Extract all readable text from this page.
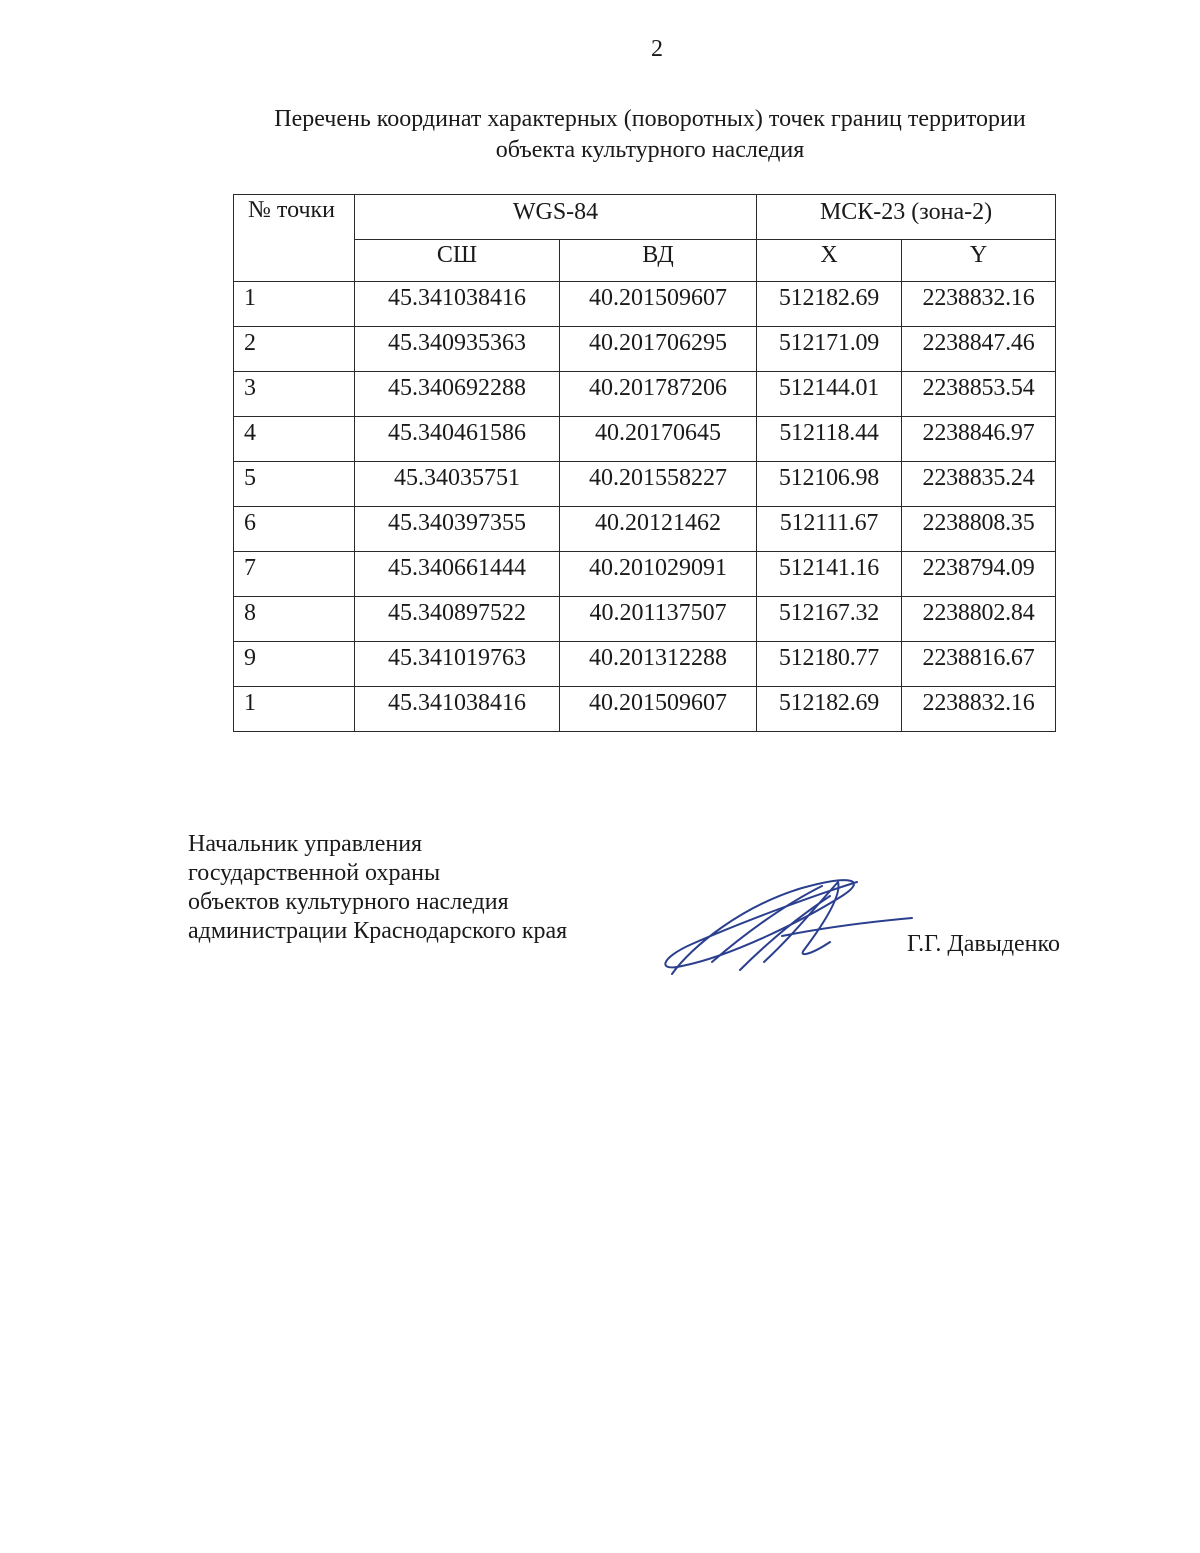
2
Перечень координат характерных (поворотных) точек границ территории
объекта культурного наследия
№ точки	WGS-84		МСК-23 (зона-2)	
	СШ	ВД	X	Y
1	45.341038416	40.201509607	512182.69	2238832.16
2	45.340935363	40.201706295	512171.09	2238847.46
3	45.340692288	40.201787206	512144.01	2238853.54
4	45.340461586	40.20170645	512118.44	2238846.97
5	45.34035751	40.201558227	512106.98	2238835.24
6	45.340397355	40.20121462	512111.67	2238808.35
7	45.340661444	40.201029091	512141.16	2238794.09
8	45.340897522	40.201137507	512167.32	2238802.84
9	45.341019763	40.201312288	512180.77	2238816.67
1	45.341038416	40.201509607	512182.69	2238832.16
Начальник управления
государственной охраны
объектов культурного наследия
администрации Краснодарского края	Г.Г. Давыденко
